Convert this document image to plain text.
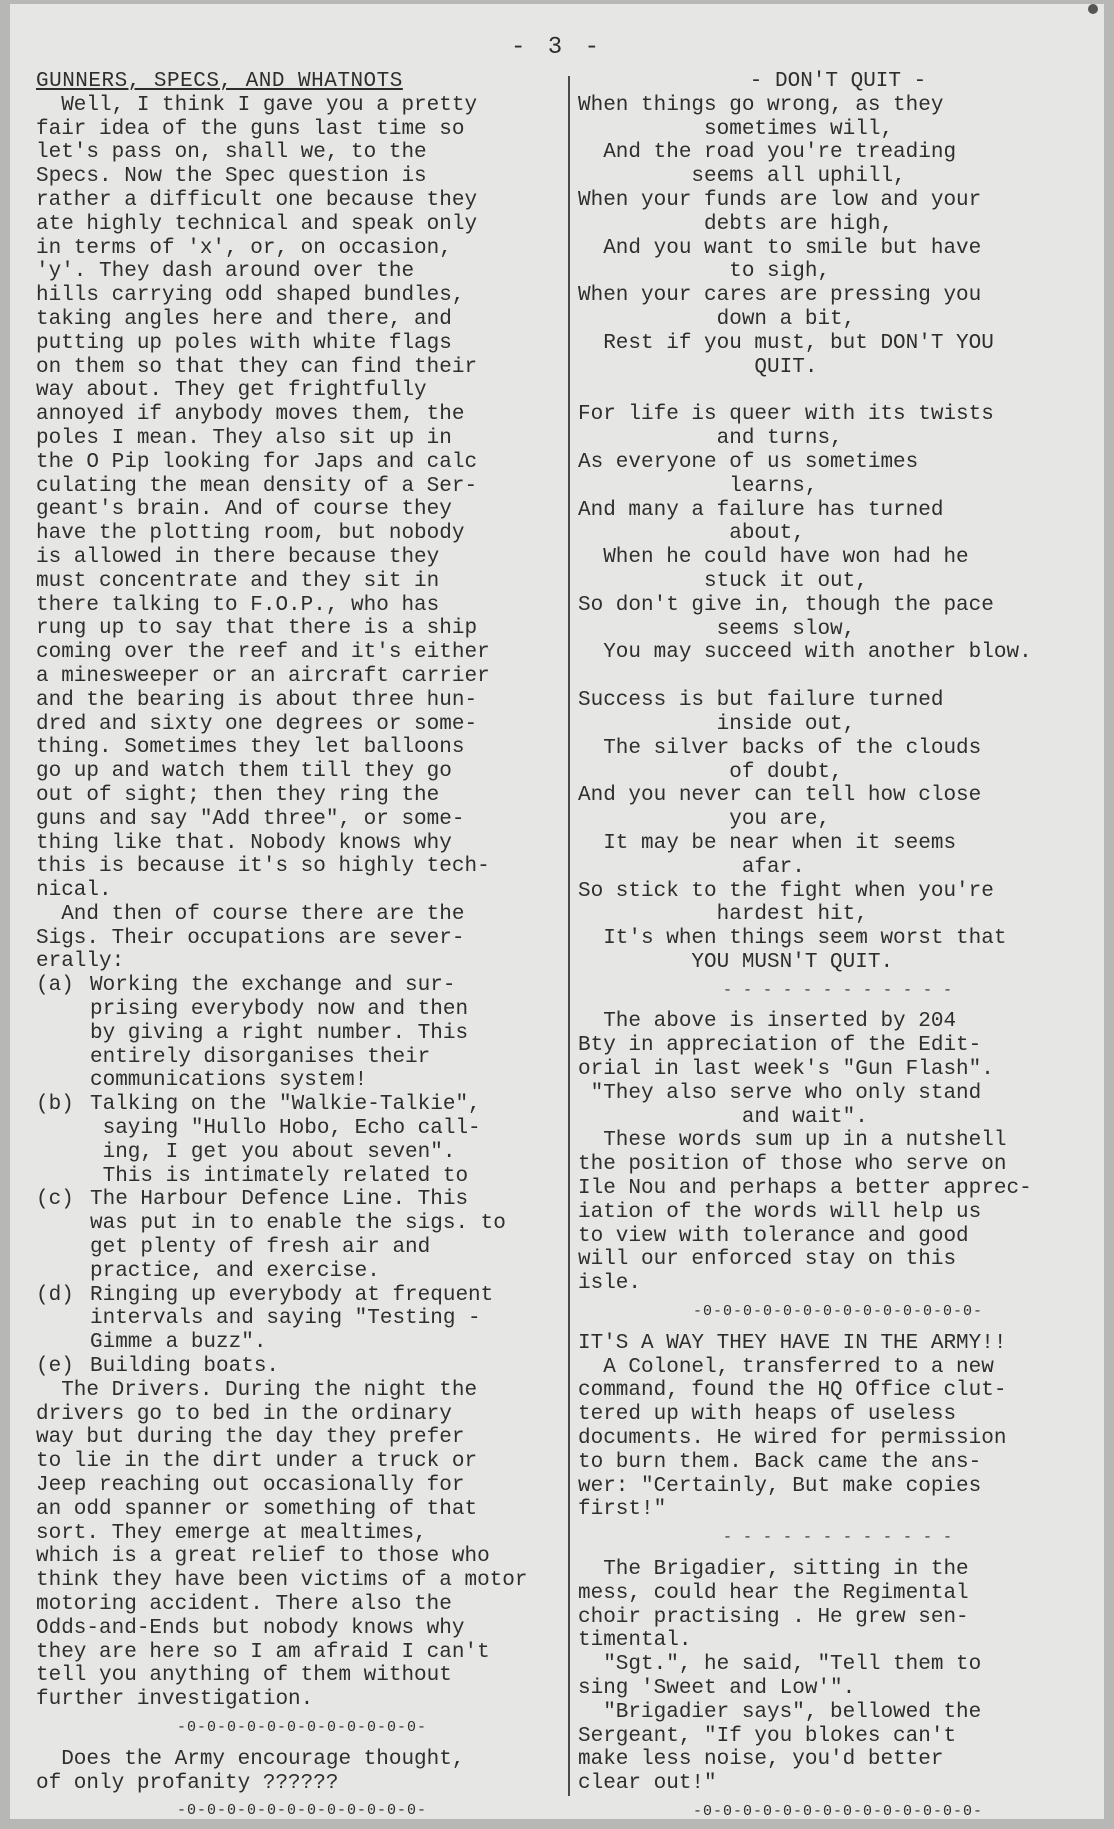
- 3 -
GUNNERS, SPECS, AND WHATNOTS

Well, I think I gave you a pretty
fair idea of the guns last time so
let's pass on, shall we, to the
Specs. Now the Spec question is
rather a difficult one because they
ate highly technical and speak only
in terms of 'x', or, on occasion,
'y'. They dash around over the
hills carrying odd shaped bundles,
taking angles here and there, and
putting up poles with white flags
on them so that they can find their
way about. They get frightfully
annoyed if anybody moves them, the
poles I mean. They also sit up in
the O Pip looking for Japs and calc
culating the mean density of a Ser-
geant's brain. And of course they
have the plotting room, but nobody
is allowed in there because they
must concentrate and they sit in
there talking to F.O.P., who has
rung up to say that there is a ship
coming over the reef and it's either
a minesweeper or an aircraft carrier
and the bearing is about three hun-
dred and sixty one degrees or some-
thing. Sometimes they let balloons
go up and watch them till they go
out of sight; then they ring the
guns and say "Add three", or some-
thing like that. Nobody knows why
this is because it's so highly tech-
nical.

And then of course there are the
Sigs. Their occupations are sever-
erally:

(a) Working the exchange and sur-
prising everybody now and then
by giving a right number. This
entirely disorganises their
communications system!
(b) Talking on the "Walkie-Talkie",
saying "Hullo Hobo, Echo call-
ing, I get you about seven".
This is intimately related to
(c) The Harbour Defence Line. This
was put in to enable the sigs. to
get plenty of fresh air and
practice, and exercise.
(d) Ringing up everybody at frequent
intervals and saying "Testing -
Gimme a buzz".
(e) Building boats.

The Drivers. During the night the
drivers go to bed in the ordinary
way but during the day they prefer
to lie in the dirt under a truck or
Jeep reaching out occasionally for
an odd spanner or something of that
sort. They emerge at mealtimes,
which is a great relief to those who
think they have been victims of a motor
motoring accident. There also the
Odds-and-Ends but nobody knows why
they are here so I am afraid I can't
tell you anything of them without
further investigation.

-0-0-0-0-0-0-0-0-0-0-0-0-

Does the Army encourage thought,
of only profanity ??????

-0-0-0-0-0-0-0-0-0-0-0-0-
- DON'T QUIT -

When things go wrong, as they
sometimes will,
And the road you're treading
seems all uphill,
When your funds are low and your
debts are high,
And you want to smile but have
to sigh,
When your cares are pressing you
down a bit,
Rest if you must, but DON'T YOU
QUIT.

For life is queer with its twists
and turns,
As everyone of us sometimes
learns,
And many a failure has turned
about,
When he could have won had he
stuck it out,
So don't give in, though the pace
seems slow,
You may succeed with another blow.

Success is but failure turned
inside out,
The silver backs of the clouds
of doubt,
And you never can tell how close
you are,
It may be near when it seems
afar.
So stick to the fight when you're
hardest hit,
It's when things seem worst that
YOU MUSN'T QUIT.

- - - - - - - - - - - -

The above is inserted by 204
Bty in appreciation of the Edit-
orial in last week's "Gun Flash".
"They also serve who only stand
and wait".
These words sum up in a nutshell
the position of those who serve on
Ile Nou and perhaps a better apprec-
iation of the words will help us
to view with tolerance and good
will our enforced stay on this
isle.

-0-0-0-0-0-0-0-0-0-0-0-0-0-0-
IT'S A WAY THEY HAVE IN THE ARMY!!

A Colonel, transferred to a new
command, found the HQ Office clut-
tered up with heaps of useless
documents. He wired for permission
to burn them. Back came the ans-
wer: "Certainly, But make copies
first!"

- - - - - - - - - - - -

The Brigadier, sitting in the
mess, could hear the Regimental
choir practising . He grew sen-
timental.
"Sgt.", he said, "Tell them to
sing 'Sweet and Low'".
"Brigadier says", bellowed the
Sergeant, "If you blokes can't
make less noise, you'd better
clear out!"

-0-0-0-0-0-0-0-0-0-0-0-0-0-0-
